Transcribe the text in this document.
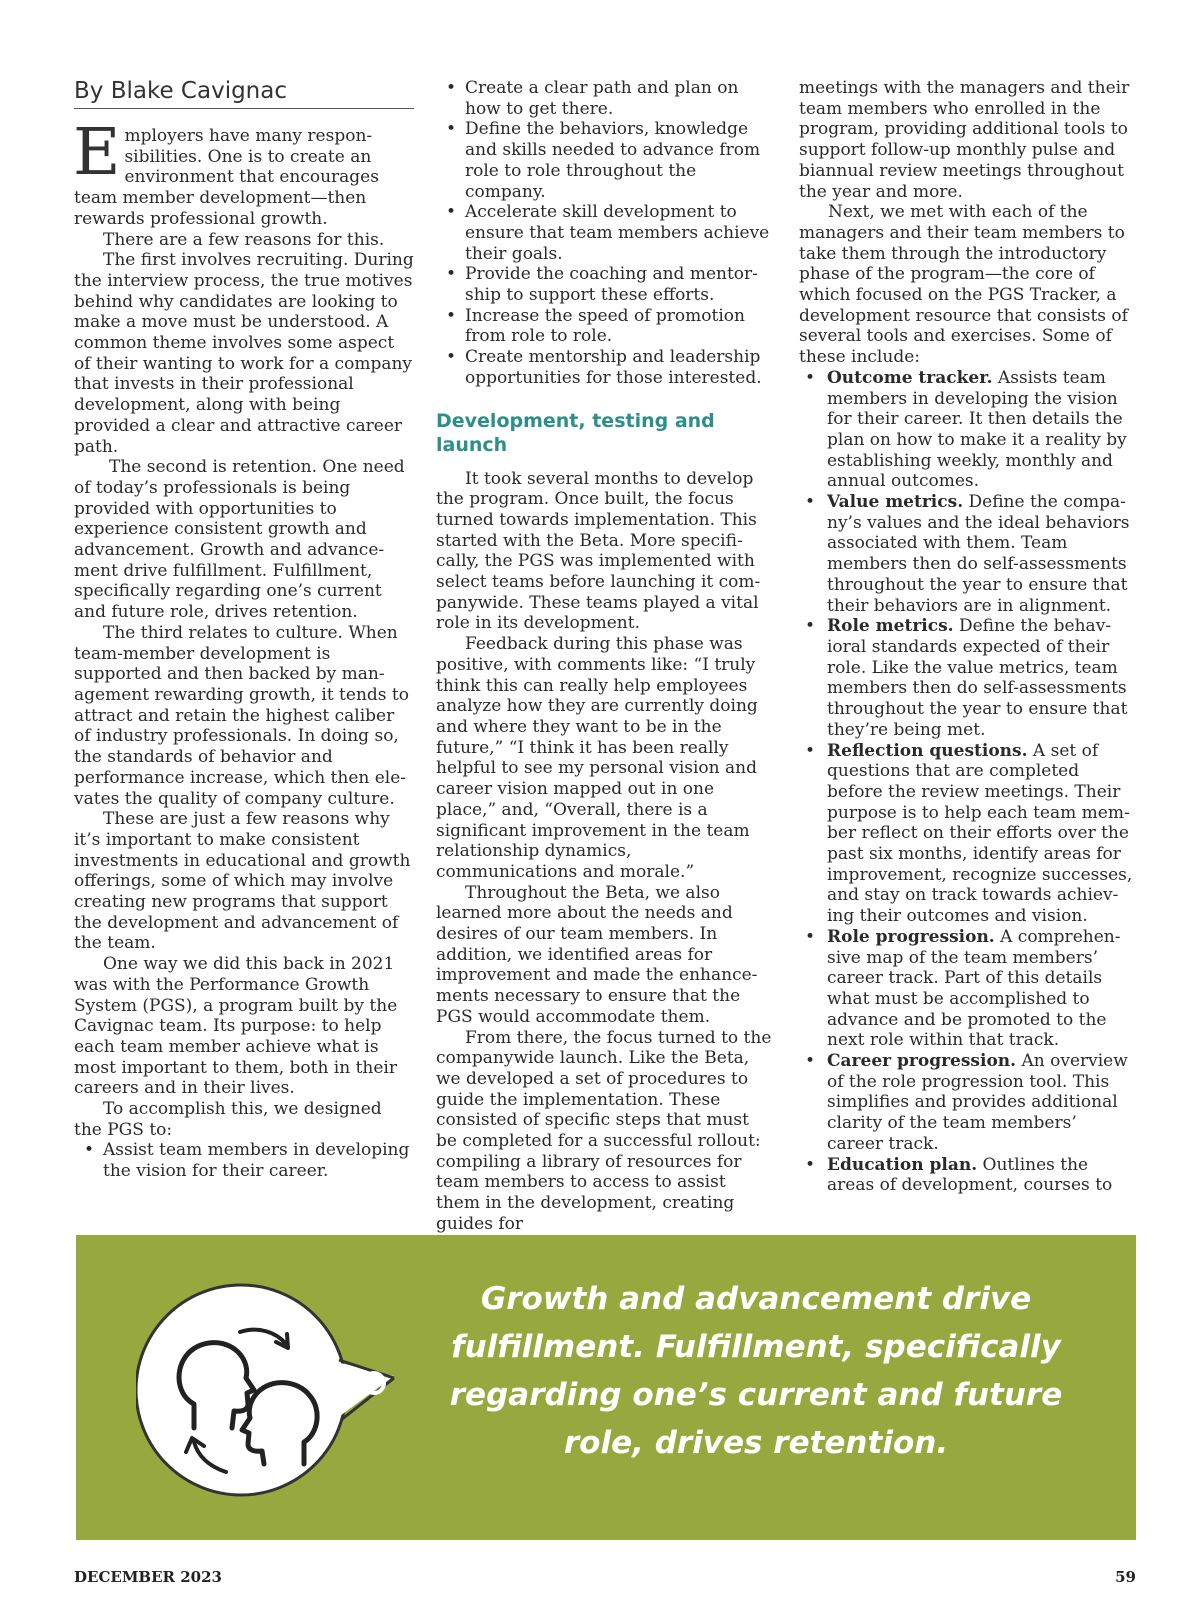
By Blake Cavignac

Employers have many responsibilities. One is to create an environment that encourages team member development—then rewards professional growth.

There are a few reasons for this.

The first involves recruiting. During the interview process, the true motives behind why candidates are looking to make a move must be understood. A common theme involves some aspect of their wanting to work for a company that invests in their professional development, along with being provided a clear and attractive career path.

The second is retention. One need of today’s professionals is being provided with opportunities to experience consistent growth and advancement. Growth and advancement drive fulfillment. Fulfillment, specifically regarding one’s current and future role, drives retention.

The third relates to culture. When team-member development is supported and then backed by management rewarding growth, it tends to attract and retain the highest caliber of industry professionals. In doing so, the standards of behavior and performance increase, which then elevates the quality of company culture.

These are just a few reasons why it’s important to make consistent investments in educational and growth offerings, some of which may involve creating new programs that support the development and advancement of the team.

One way we did this back in 2021 was with the Performance Growth System (PGS), a program built by the Cavignac team. Its purpose: to help each team member achieve what is most important to them, both in their careers and in their lives.

To accomplish this, we designed the PGS to:

• Assist team members in developing the vision for their career.
• Create a clear path and plan on how to get there.
• Define the behaviors, knowledge and skills needed to advance from role to role throughout the company.
• Accelerate skill development to ensure that team members achieve their goals.
• Provide the coaching and mentorship to support these efforts.
• Increase the speed of promotion from role to role.
• Create mentorship and leadership opportunities for those interested.
Development, testing and launch

It took several months to develop the program. Once built, the focus turned towards implementation. This started with the Beta. More specifically, the PGS was implemented with select teams before launching it companywide. These teams played a vital role in its development.

Feedback during this phase was positive, with comments like: “I truly think this can really help employees analyze how they are currently doing and where they want to be in the future,” “I think it has been really helpful to see my personal vision and career vision mapped out in one place,” and, “Overall, there is a significant improvement in the team relationship dynamics, communications and morale.”

Throughout the Beta, we also learned more about the needs and desires of our team members. In addition, we identified areas for improvement and made the enhancements necessary to ensure that the PGS would accommodate them.

From there, the focus turned to the companywide launch. Like the Beta, we developed a set of procedures to guide the implementation. These consisted of specific steps that must be completed for a successful rollout: compiling a library of resources for team members to access to assist them in the development, creating guides for

meetings with the managers and their team members who enrolled in the program, providing additional tools to support follow-up monthly pulse and biannual review meetings throughout the year and more.

Next, we met with each of the managers and their team members to take them through the introductory phase of the program—the core of which focused on the PGS Tracker, a development resource that consists of several tools and exercises. Some of these include:

• Outcome tracker. Assists team members in developing the vision for their career. It then details the plan on how to make it a reality by establishing weekly, monthly and annual outcomes.
• Value metrics. Define the company’s values and the ideal behaviors associated with them. Team members then do self-assessments throughout the year to ensure that their behaviors are in alignment.
• Role metrics. Define the behavioral standards expected of their role. Like the value metrics, team members then do self-assessments throughout the year to ensure that they’re being met.
• Reflection questions. A set of questions that are completed before the review meetings. Their purpose is to help each team member reflect on their efforts over the past six months, identify areas for improvement, recognize successes, and stay on track towards achieving their outcomes and vision.
• Role progression. A comprehensive map of the team members’ career track. Part of this details what must be accomplished to advance and be promoted to the next role within that track.
• Career progression. An overview of the role progression tool. This simplifies and provides additional clarity of the team members’ career track.
• Education plan. Outlines the areas of development, courses to
Growth and advancement drive fulfillment. Fulfillment, specifically regarding one’s current and future role, drives retention.
DECEMBER 2023	59
